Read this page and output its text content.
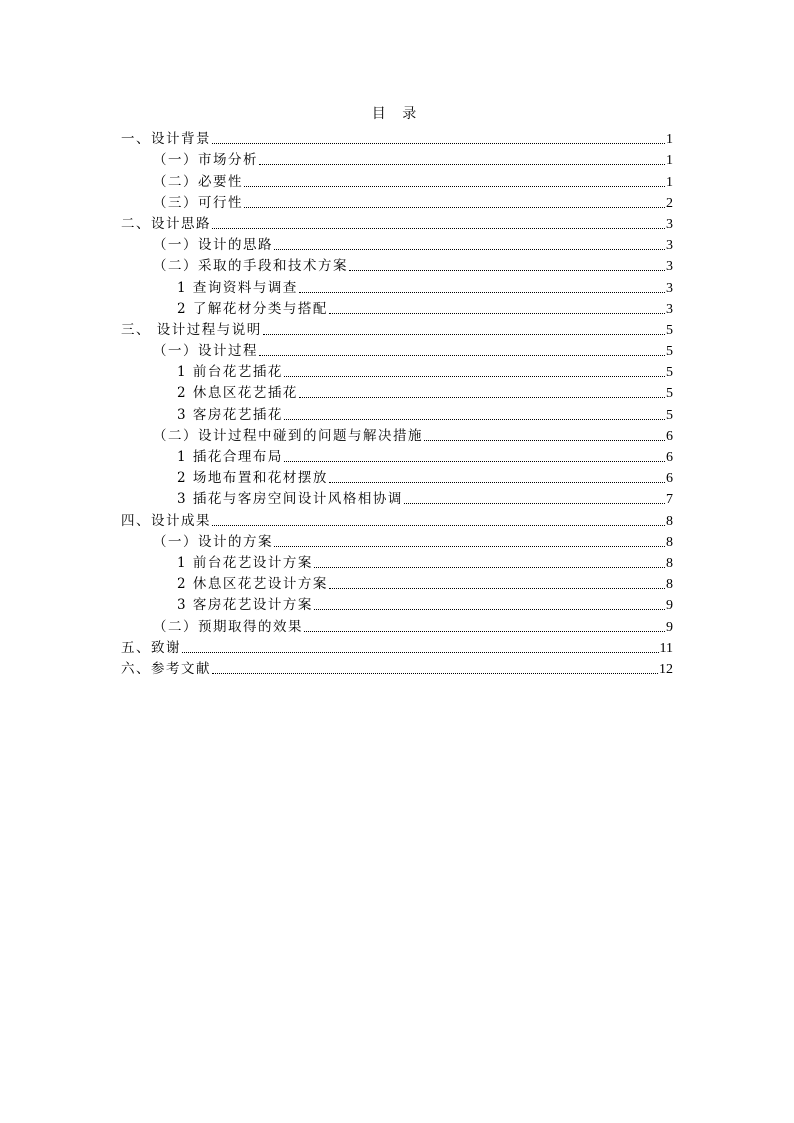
目 录
一、设计背景	1
（一）市场分析	1
（二）必要性	1
（三）可行性	2
二、设计思路	3
（一）设计的思路	3
（二）采取的手段和技术方案	3
1 查询资料与调查	3
2 了解花材分类与搭配	3
三、 设计过程与说明	5
（一）设计过程	5
1 前台花艺插花	5
2 休息区花艺插花	5
3 客房花艺插花	5
（二）设计过程中碰到的问题与解决措施	6
1 插花合理布局	6
2 场地布置和花材摆放	6
3 插花与客房空间设计风格相协调	7
四、设计成果	8
（一）设计的方案	8
1 前台花艺设计方案	8
2 休息区花艺设计方案	8
3 客房花艺设计方案	9
（二）预期取得的效果	9
五、致谢	11
六、参考文献	12
